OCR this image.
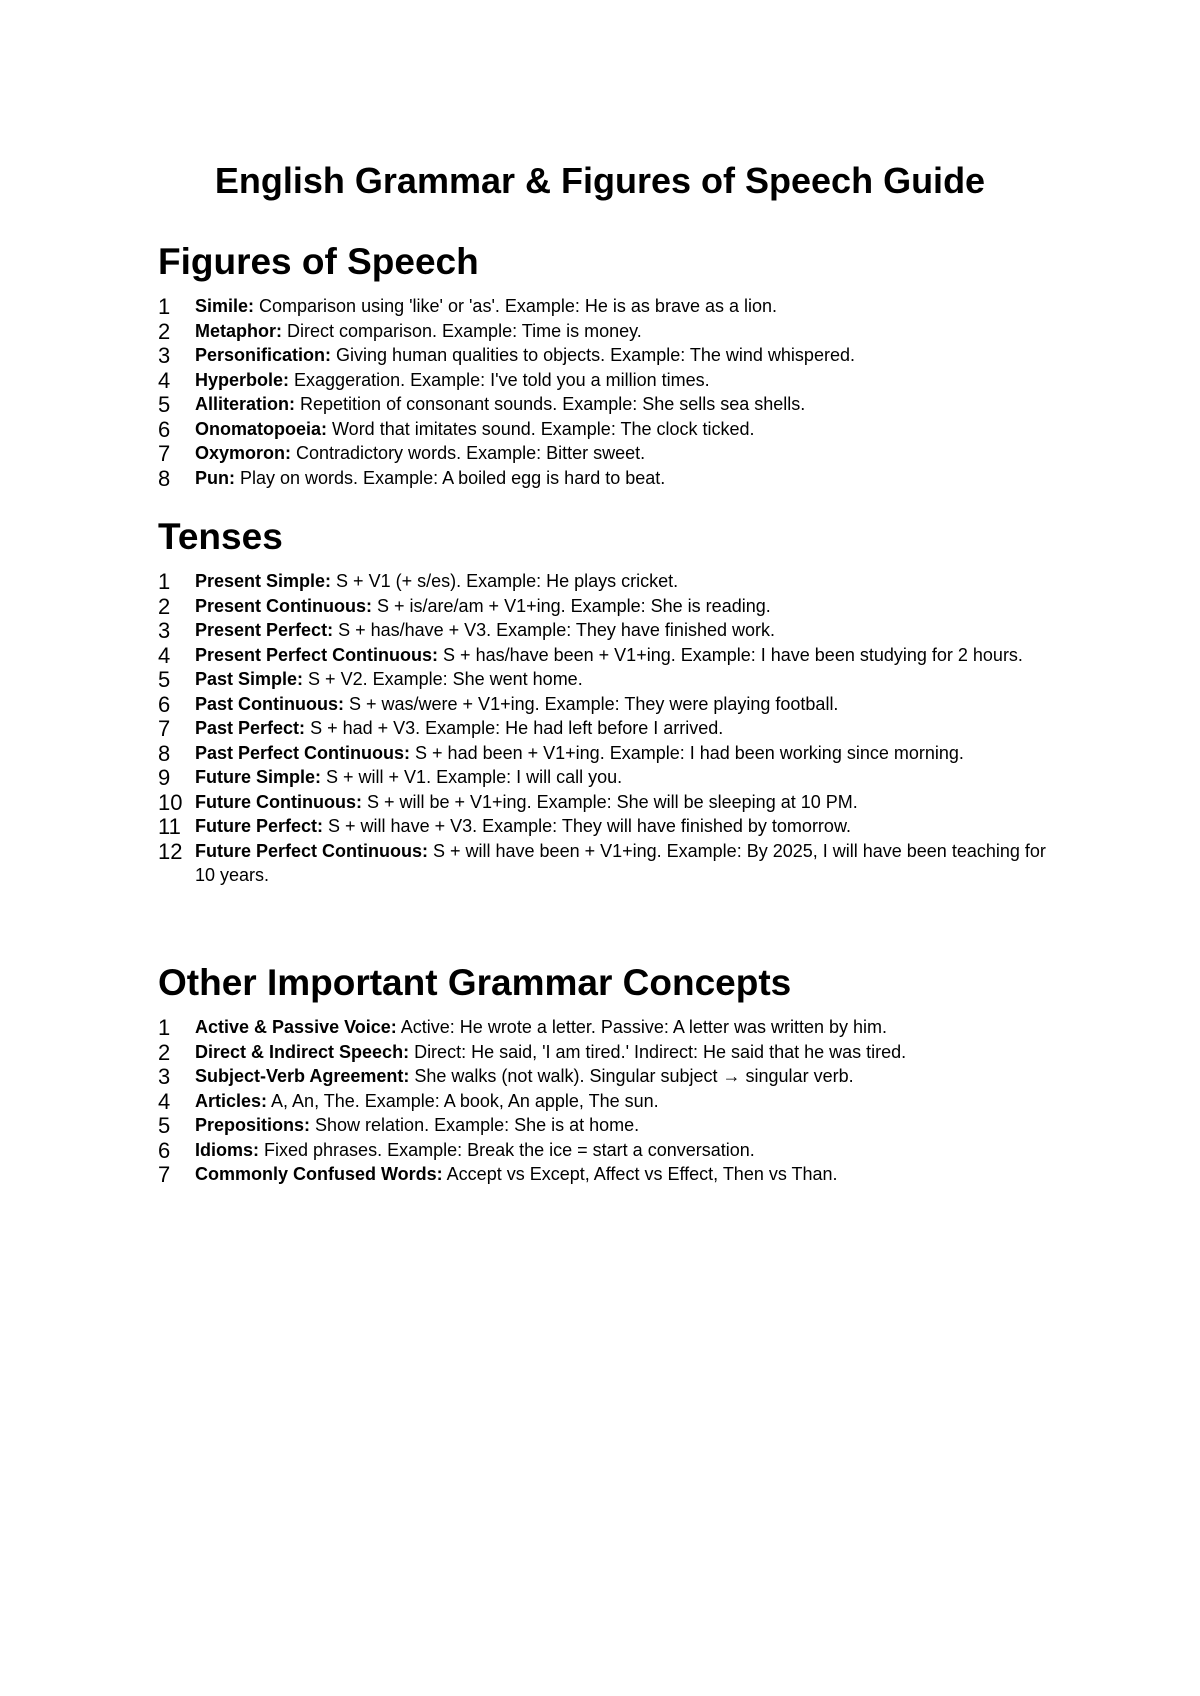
English Grammar & Figures of Speech Guide
Figures of Speech
1 Simile: Comparison using 'like' or 'as'. Example: He is as brave as a lion.
2 Metaphor: Direct comparison. Example: Time is money.
3 Personification: Giving human qualities to objects. Example: The wind whispered.
4 Hyperbole: Exaggeration. Example: I've told you a million times.
5 Alliteration: Repetition of consonant sounds. Example: She sells sea shells.
6 Onomatopoeia: Word that imitates sound. Example: The clock ticked.
7 Oxymoron: Contradictory words. Example: Bitter sweet.
8 Pun: Play on words. Example: A boiled egg is hard to beat.
Tenses
1 Present Simple: S + V1 (+ s/es). Example: He plays cricket.
2 Present Continuous: S + is/are/am + V1+ing. Example: She is reading.
3 Present Perfect: S + has/have + V3. Example: They have finished work.
4 Present Perfect Continuous: S + has/have been + V1+ing. Example: I have been studying for 2 hours.
5 Past Simple: S + V2. Example: She went home.
6 Past Continuous: S + was/were + V1+ing. Example: They were playing football.
7 Past Perfect: S + had + V3. Example: He had left before I arrived.
8 Past Perfect Continuous: S + had been + V1+ing. Example: I had been working since morning.
9 Future Simple: S + will + V1. Example: I will call you.
10 Future Continuous: S + will be + V1+ing. Example: She will be sleeping at 10 PM.
11 Future Perfect: S + will have + V3. Example: They will have finished by tomorrow.
12 Future Perfect Continuous: S + will have been + V1+ing. Example: By 2025, I will have been teaching for 10 years.
Other Important Grammar Concepts
1 Active & Passive Voice: Active: He wrote a letter. Passive: A letter was written by him.
2 Direct & Indirect Speech: Direct: He said, 'I am tired.' Indirect: He said that he was tired.
3 Subject-Verb Agreement: She walks (not walk). Singular subject → singular verb.
4 Articles: A, An, The. Example: A book, An apple, The sun.
5 Prepositions: Show relation. Example: She is at home.
6 Idioms: Fixed phrases. Example: Break the ice = start a conversation.
7 Commonly Confused Words: Accept vs Except, Affect vs Effect, Then vs Than.
